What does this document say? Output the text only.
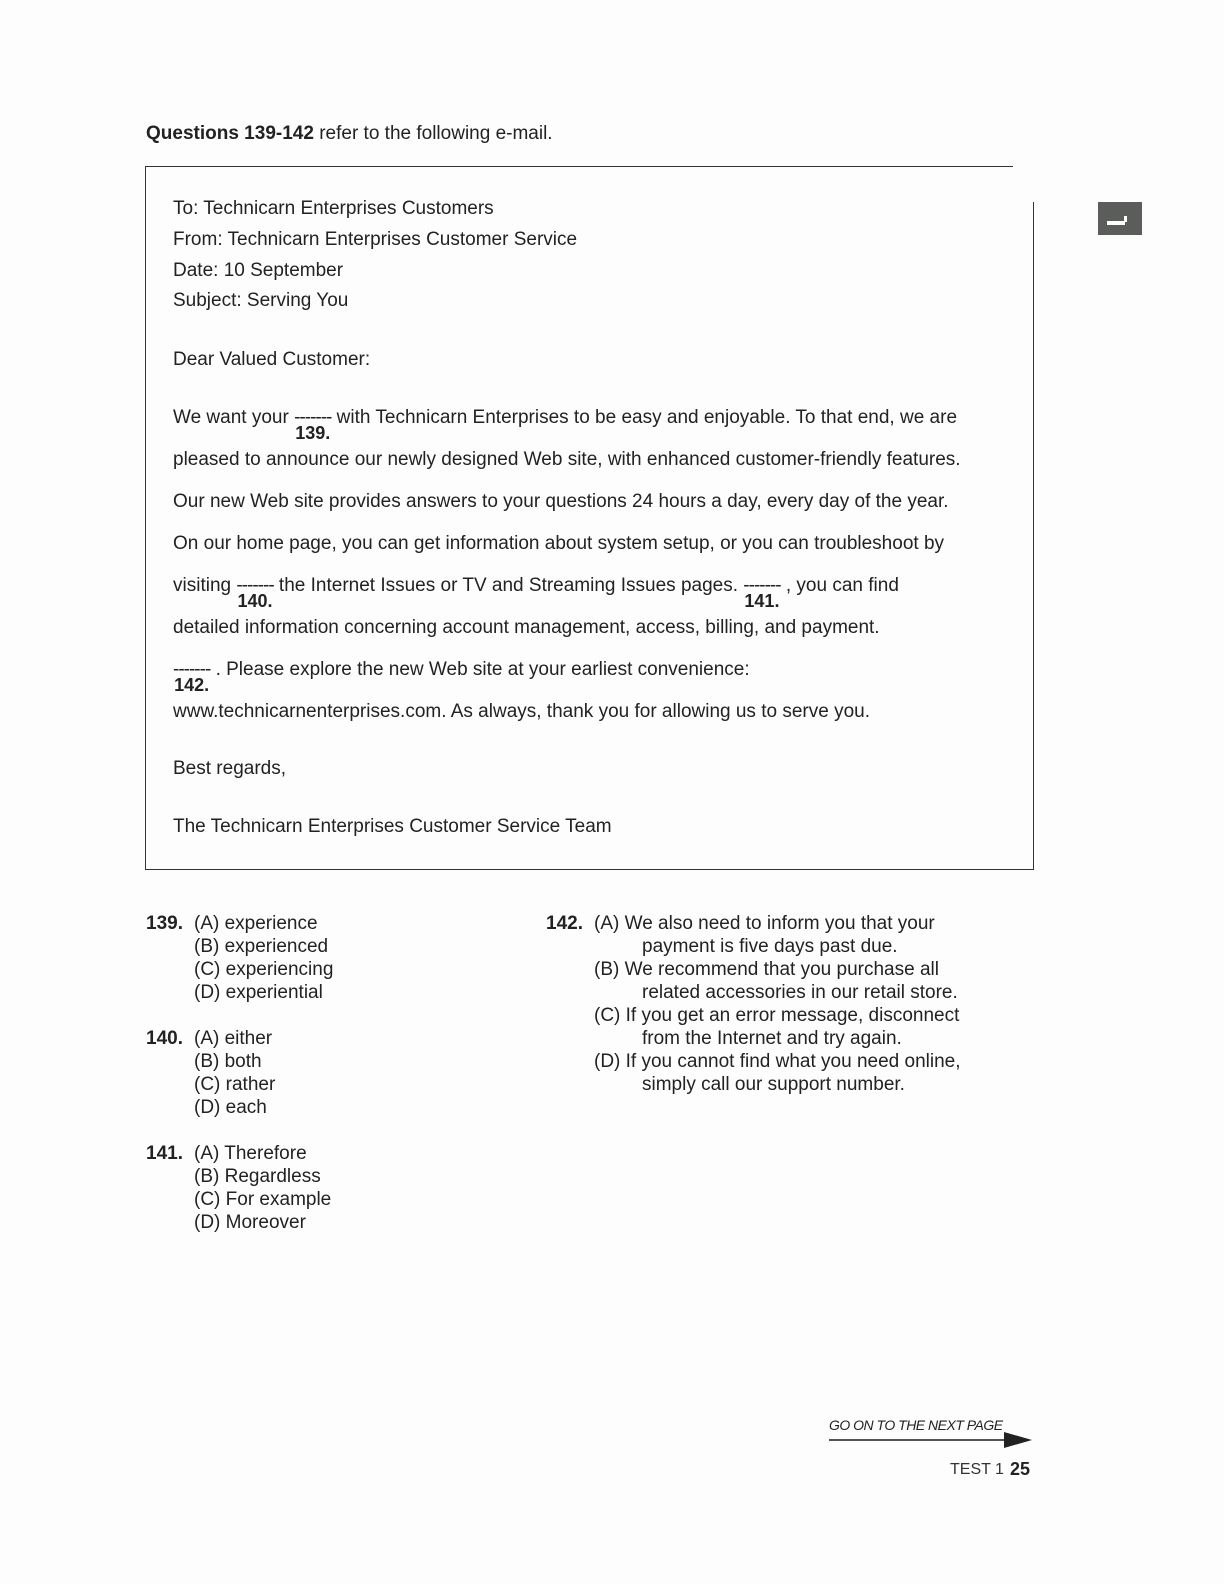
Questions 139-142 refer to the following e-mail.
To: Technicarn Enterprises Customers
From: Technicarn Enterprises Customer Service
Date: 10 September
Subject: Serving You
Dear Valued Customer:
We want your -------
139.
with Technicarn Enterprises to be easy and enjoyable. To that end, we are
pleased to announce our newly designed Web site, with enhanced customer-friendly features.
Our new Web site provides answers to your questions 24 hours a day, every day of the year.
On our home page, you can get information about system setup, or you can troubleshoot by
visiting -------
140.
the Internet Issues or TV and Streaming Issues pages. -------
141.
, you can find
detailed information concerning account management, access, billing, and payment.
-------
142.
. Please explore the new Web site at your earliest convenience:
www.technicarnenterprises.com. As always, thank you for allowing us to serve you.
Best regards,
The Technicarn Enterprises Customer Service Team
139. (A) experience
(B) experienced
(C) experiencing
(D) experiential
140. (A) either
(B) both
(C) rather
(D) each
141. (A) Therefore
(B) Regardless
(C) For example
(D) Moreover
142. (A) We also need to inform you that your
payment is five days past due.
(B) We recommend that you purchase all
related accessories in our retail store.
(C) If you get an error message, disconnect
from the Internet and try again.
(D) If you cannot find what you need online,
simply call our support number.
GO ON TO THE NEXT PAGE
TEST 1 25
